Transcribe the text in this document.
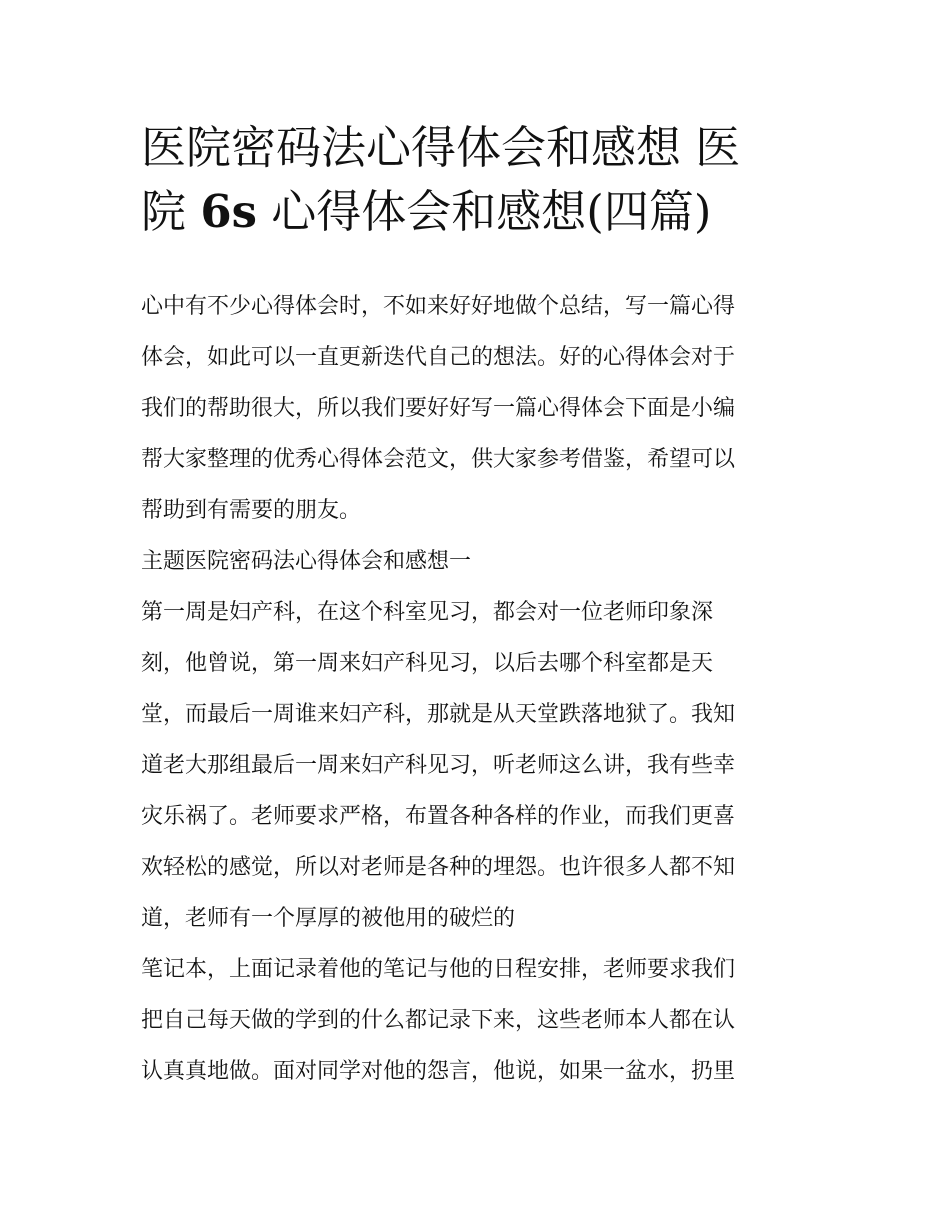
医院密码法心得体会和感想 医
院 6s 心得体会和感想(四篇)
心中有不少心得体会时，不如来好好地做个总结，写一篇心得
体会，如此可以一直更新迭代自己的想法。好的心得体会对于
我们的帮助很大，所以我们要好好写一篇心得体会下面是小编
帮大家整理的优秀心得体会范文，供大家参考借鉴，希望可以
帮助到有需要的朋友。
主题医院密码法心得体会和感想一
第一周是妇产科，在这个科室见习，都会对一位老师印象深
刻，他曾说，第一周来妇产科见习，以后去哪个科室都是天
堂，而最后一周谁来妇产科，那就是从天堂跌落地狱了。我知
道老大那组最后一周来妇产科见习，听老师这么讲，我有些幸
灾乐祸了。老师要求严格，布置各种各样的作业，而我们更喜
欢轻松的感觉，所以对老师是各种的埋怨。也许很多人都不知
道，老师有一个厚厚的被他用的破烂的
笔记本，上面记录着他的笔记与他的日程安排，老师要求我们
把自己每天做的学到的什么都记录下来，这些老师本人都在认
认真真地做。面对同学对他的怨言，他说，如果一盆水，扔里
